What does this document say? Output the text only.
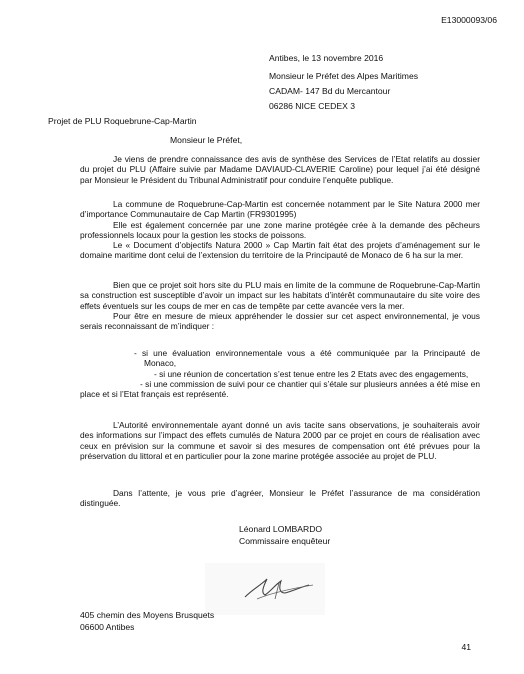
E13000093/06
Antibes, le 13 novembre 2016
Monsieur le Préfet des Alpes Maritimes
CADAM- 147 Bd du Mercantour
06286 NICE CEDEX 3
Projet de PLU Roquebrune-Cap-Martin
Monsieur le Préfet,

Je viens de prendre connaissance des avis de synthèse des Services de l’Etat relatifs au dossier du projet du PLU (Affaire suivie par Madame DAVIAUD-CLAVERIE Caroline) pour lequel j’ai été désigné par Monsieur le Président du Tribunal Administratif pour conduire l’enquête publique.

La commune de Roquebrune-Cap-Martin est concernée notamment par le Site Natura 2000 mer d’importance Communautaire de Cap Martin (FR9301995)

Elle est également concernée par une zone marine protégée crée à la demande des pêcheurs professionnels locaux pour la gestion les stocks de poissons.

Le « Document d’objectifs Natura 2000 » Cap Martin fait état des projets d’aménagement sur le domaine maritime dont celui de l’extension du territoire de la Principauté de Monaco de 6 ha sur la mer.

Bien que ce projet soit hors site du PLU mais en limite de la commune de Roquebrune-Cap-Martin sa construction est susceptible d’avoir un impact sur les habitats d’intérêt communautaire du site voire des effets éventuels sur les coups de mer en cas de tempête par cette avancée vers la mer.

Pour être en mesure de mieux appréhender le dossier sur cet aspect environnemental, je vous serais reconnaissant de m’indiquer :

- si une évaluation environnementale vous a été communiquée par la Principauté de Monaco,

- si une réunion de concertation s’est tenue entre les 2 Etats avec des engagements,

- si une commission de suivi pour ce chantier qui s’étale sur plusieurs années a été mise en place et si l’Etat français est représenté.

L’Autorité environnementale ayant donné un avis tacite sans observations, je souhaiterais avoir des informations sur l’impact des effets cumulés de Natura 2000 par ce projet en cours de réalisation avec ceux en prévision sur la commune et savoir si des mesures de compensation ont été prévues pour la préservation du littoral et en particulier pour la zone marine protégée associée au projet de PLU.

Dans l’attente, je vous prie d’agréer, Monsieur le Préfet l’assurance de ma considération distinguée.

Léonard LOMBARDO
Commissaire enquêteur
405 chemin des Moyens Brusquets
06600 Antibes
41
